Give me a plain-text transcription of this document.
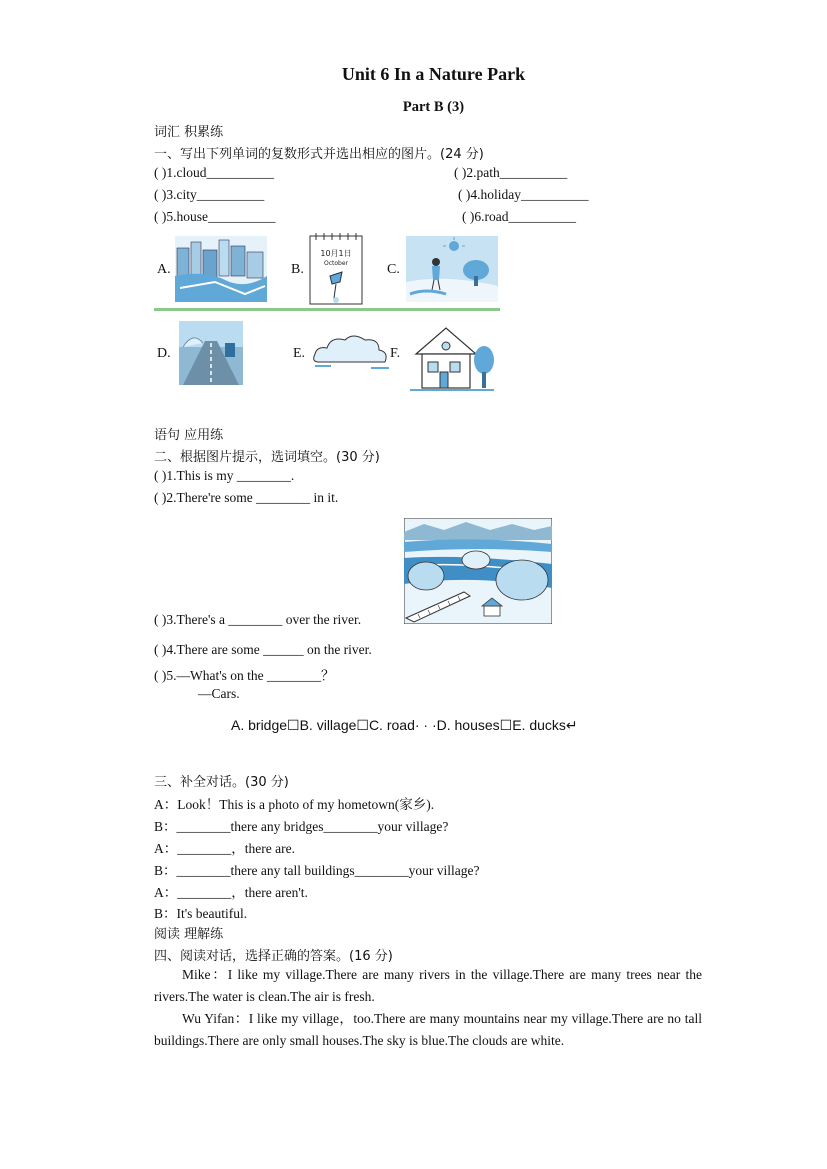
Unit 6 In a Nature Park
Part B (3)
词汇 积累练
一、写出下列单词的复数形式并选出相应的图片。(24 分)
( )1.cloud__________	( )2.path__________
( )3.city__________	( )4.holiday__________
( )5.house__________	( )6.road__________
A.	B.	C.
D.	E.	F.
10月1日
October
语句 应用练
二、根据图片提示，选词填空。(30 分)
( )1.This is my ________.
( )2.There're some ________ in it.
( )3.There's a ________ over the river.
( )4.There are some ______ on the river.
( )5.—What's on the ________？
—Cars.
A. bridge☐B. village☐C. road· · ·D. houses☐E. ducks↵
三、补全对话。(30 分)
A：Look！This is a photo of my hometown(家乡).
B：________there any bridges________your village?
A：________，there are.
B：________there any tall buildings________your village?
A：________，there aren't.
B：It's beautiful.
阅读 理解练
四、阅读对话，选择正确的答案。(16 分)

Mike：I like my village.There are many rivers in the village.There are many trees near the rivers.The water is clean.The air is fresh.

Wu Yifan：I like my village，too.There are many mountains near my village.There are no tall buildings.There are only small houses.The sky is blue.The clouds are white.
